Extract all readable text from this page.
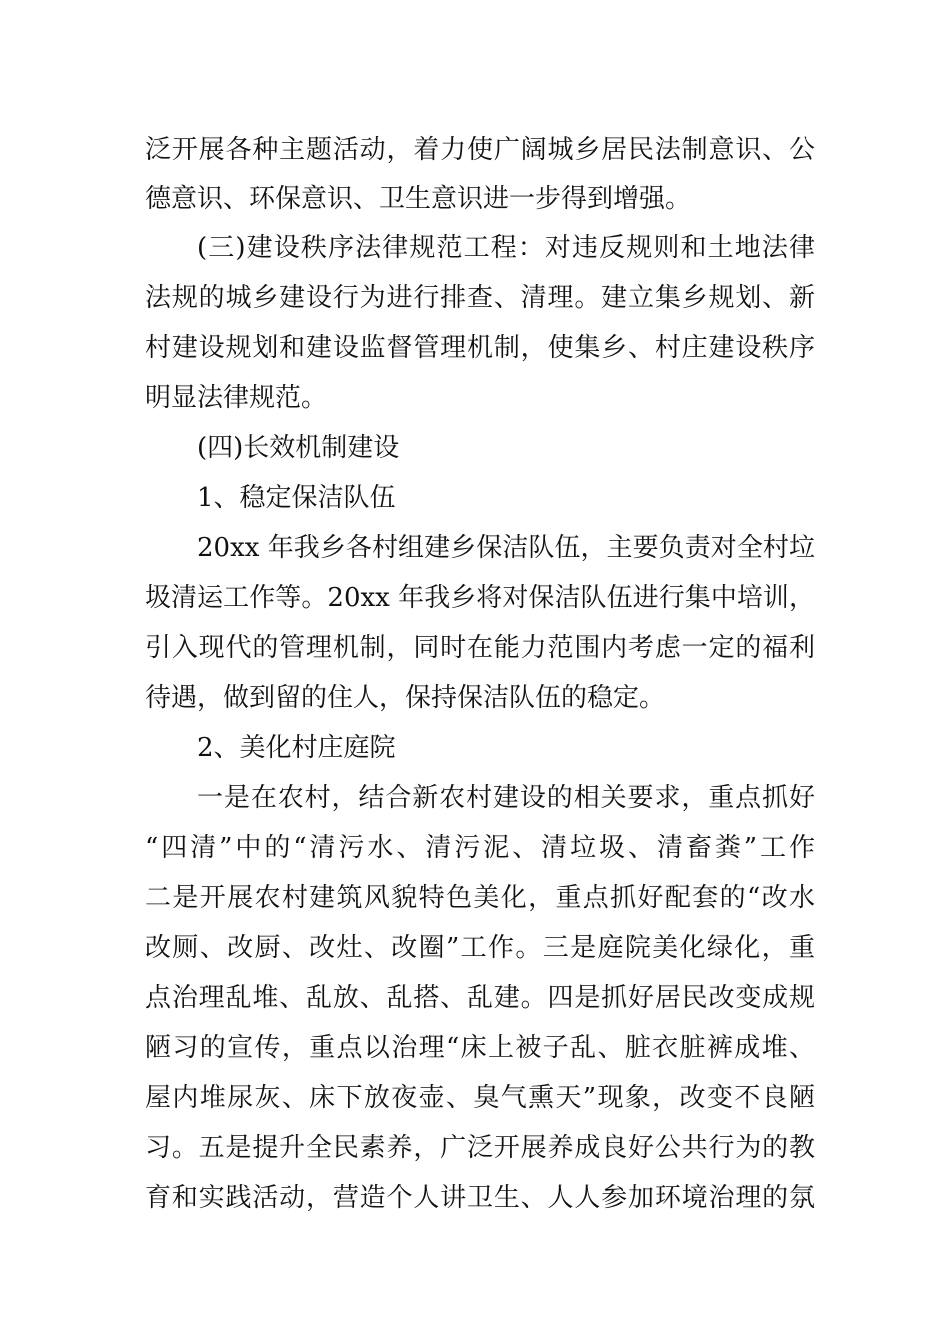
泛开展各种主题活动，着力使广阔城乡居民法制意识、公
德意识、环保意识、卫生意识进一步得到增强。
(三)建设秩序法律规范工程：对违反规则和土地法律
法规的城乡建设行为进行排查、清理。建立集乡规划、新
村建设规划和建设监督管理机制，使集乡、村庄建设秩序
明显法律规范。
(四)长效机制建设
1、稳定保洁队伍
20xx 年我乡各村组建乡保洁队伍，主要负责对全村垃
圾清运工作等。20xx 年我乡将对保洁队伍进行集中培训，
引入现代的管理机制，同时在能力范围内考虑一定的福利
待遇，做到留的住人，保持保洁队伍的稳定。
2、美化村庄庭院
一是在农村，结合新农村建设的相关要求，重点抓好
“四清”中的“清污水、清污泥、清垃圾、清畜粪”工作
二是开展农村建筑风貌特色美化，重点抓好配套的“改水
改厕、改厨、改灶、改圈”工作。三是庭院美化绿化，重
点治理乱堆、乱放、乱搭、乱建。四是抓好居民改变成规
陋习的宣传，重点以治理“床上被子乱、脏衣脏裤成堆、
屋内堆尿灰、床下放夜壶、臭气熏天”现象，改变不良陋
习。五是提升全民素养，广泛开展养成良好公共行为的教
育和实践活动，营造个人讲卫生、人人参加环境治理的氛
